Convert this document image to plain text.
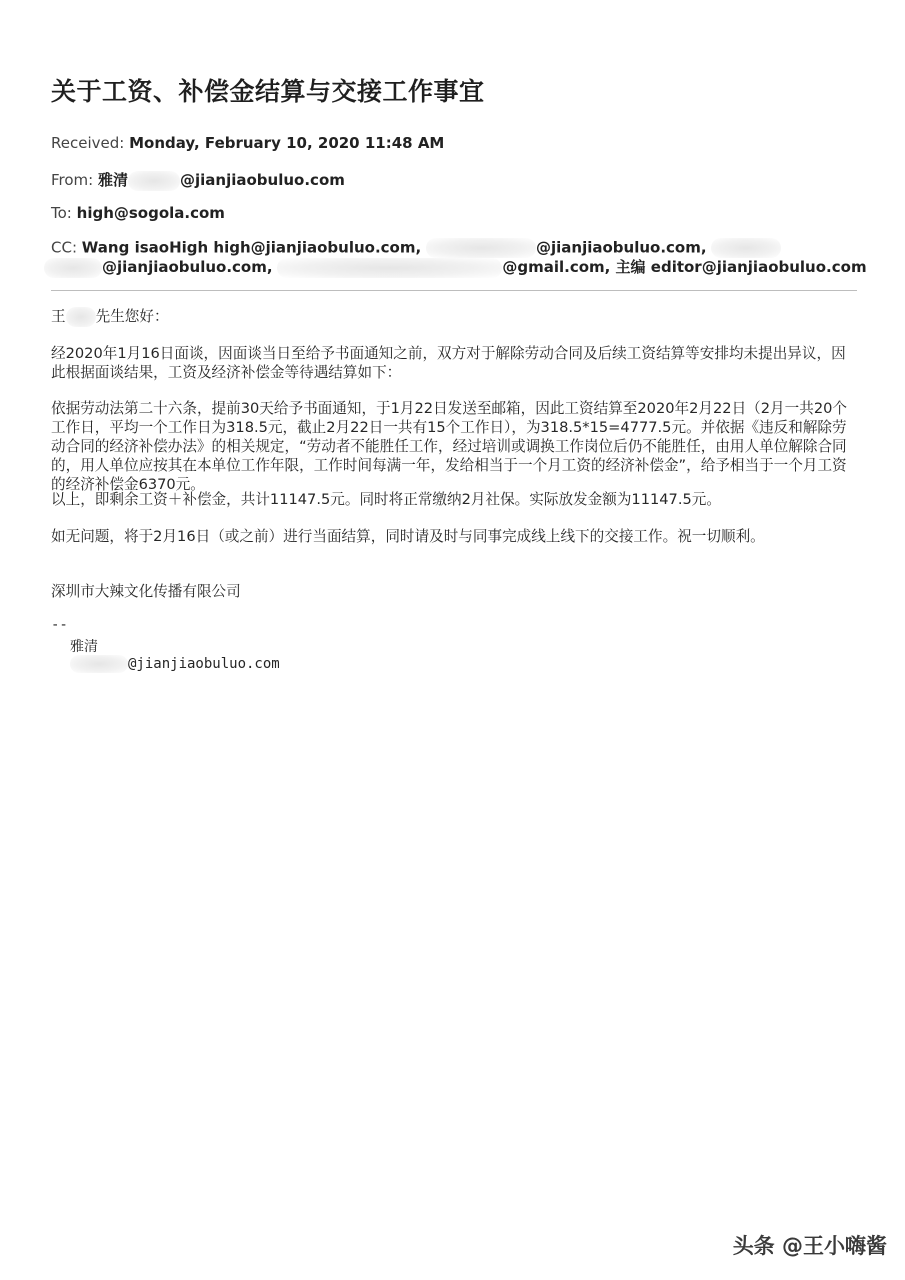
关于工资、补偿金结算与交接工作事宜
Received: Monday, February 10, 2020 11:48 AM
From: 雅清	@jianjiaobuluo.com
To: high@sogola.com
CC: Wang isaoHigh high@jianjiaobuluo.com,	@jianjiaobuluo.com,
@jianjiaobuluo.com,	@gmail.com, 主编 editor@jianjiaobuluo.com
王 先生您好：
经2020年1月16日面谈，因面谈当日至给予书面通知之前，双方对于解除劳动合同及后续工资结算等安排均未提出异议，因此根据面谈结果，工资及经济补偿金等待遇结算如下：
依据劳动法第二十六条，提前30天给予书面通知，于1月22日发送至邮箱，因此工资结算至2020年2月22日（2月一共20个工作日，平均一个工作日为318.5元，截止2月22日一共有15个工作日），为318.5*15=4777.5元。并依据《违反和解除劳动合同的经济补偿办法》的相关规定，“劳动者不能胜任工作，经过培训或调换工作岗位后仍不能胜任，由用人单位解除合同的，用人单位应按其在本单位工作年限，工作时间每满一年，发给相当于一个月工资的经济补偿金”，给予相当于一个月工资的经济补偿金6370元。
以上，即剩余工资＋补偿金，共计11147.5元。同时将正常缴纳2月社保。实际放发金额为11147.5元。
如无问题，将于2月16日（或之前）进行当面结算，同时请及时与同事完成线上线下的交接工作。祝一切顺利。
深圳市大辣文化传播有限公司
--
雅清
@jianjiaobuluo.com
头条 @王小嗨酱
